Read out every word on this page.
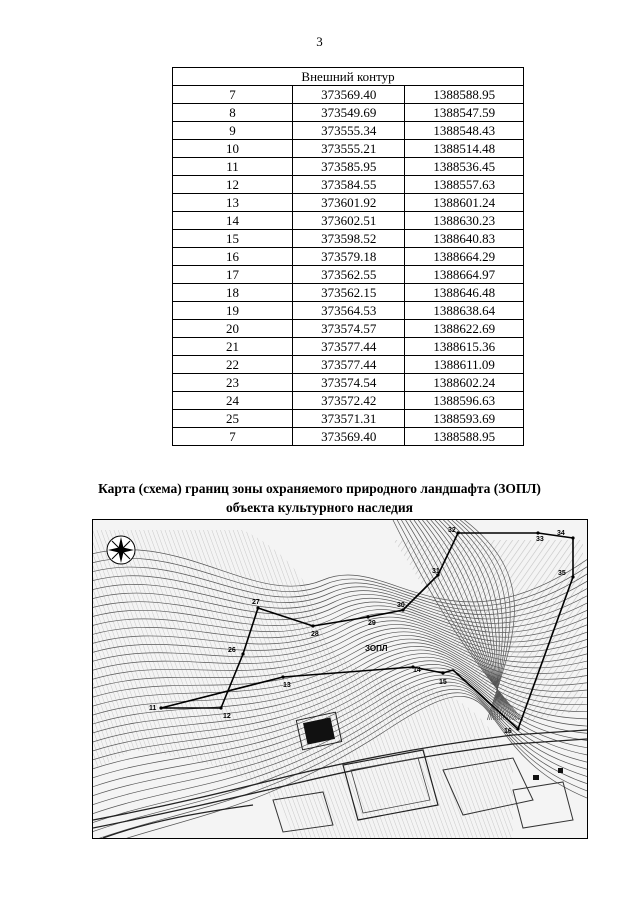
3
Внешний контур		
7	373569.40	1388588.95
8	373549.69	1388547.59
9	373555.34	1388548.43
10	373555.21	1388514.48
11	373585.95	1388536.45
12	373584.55	1388557.63
13	373601.92	1388601.24
14	373602.51	1388630.23
15	373598.52	1388640.83
16	373579.18	1388664.29
17	373562.55	1388664.97
18	373562.15	1388646.48
19	373564.53	1388638.64
20	373574.57	1388622.69
21	373577.44	1388615.36
22	373577.44	1388611.09
23	373574.54	1388602.24
24	373572.42	1388596.63
25	373571.31	1388593.69
7	373569.40	1388588.95
Карта (схема) границ зоны охраняемого природного ландшафта (ЗОПЛ)
объекта культурного наследия
11
12
13
14
15
16
26
27
28
29
30
31
32
33
34
35
ЗОПЛ
